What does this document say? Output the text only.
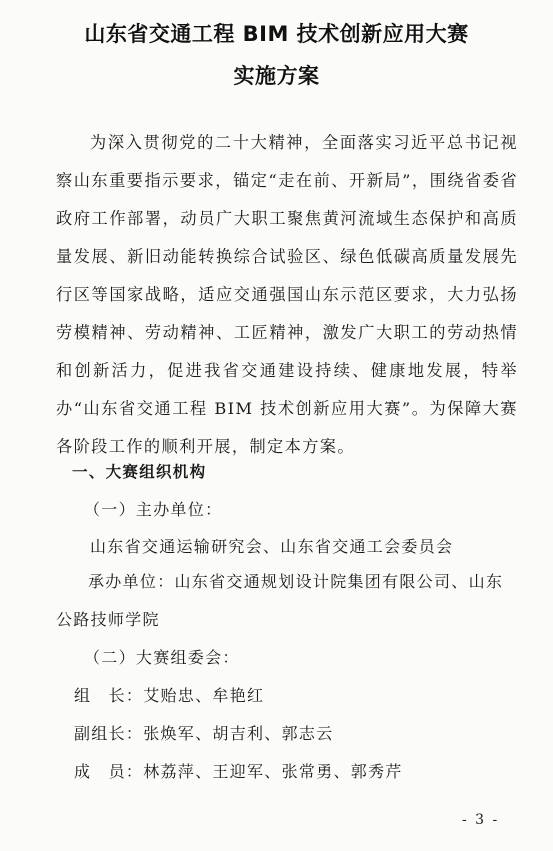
山东省交通工程 BIM 技术创新应用大赛
实施方案
为深入贯彻党的二十大精神，全面落实习近平总书记视察山东重要指示要求，锚定“走在前、开新局”，围绕省委省政府工作部署，动员广大职工聚焦黄河流域生态保护和高质量发展、新旧动能转换综合试验区、绿色低碳高质量发展先行区等国家战略，适应交通强国山东示范区要求，大力弘扬劳模精神、劳动精神、工匠精神，激发广大职工的劳动热情和创新活力，促进我省交通建设持续、健康地发展，特举办“山东省交通工程 BIM 技术创新应用大赛”。为保障大赛各阶段工作的顺利开展，制定本方案。
一、大赛组织机构
（一）主办单位：
山东省交通运输研究会、山东省交通工会委员会
承办单位：山东省交通规划设计院集团有限公司、山东公路技师学院
（二）大赛组委会：
组　长：艾贻忠、牟艳红
副组长：张焕军、胡吉利、郭志云
成　员：林荔萍、王迎军、张常勇、郭秀芹
- 3 -
